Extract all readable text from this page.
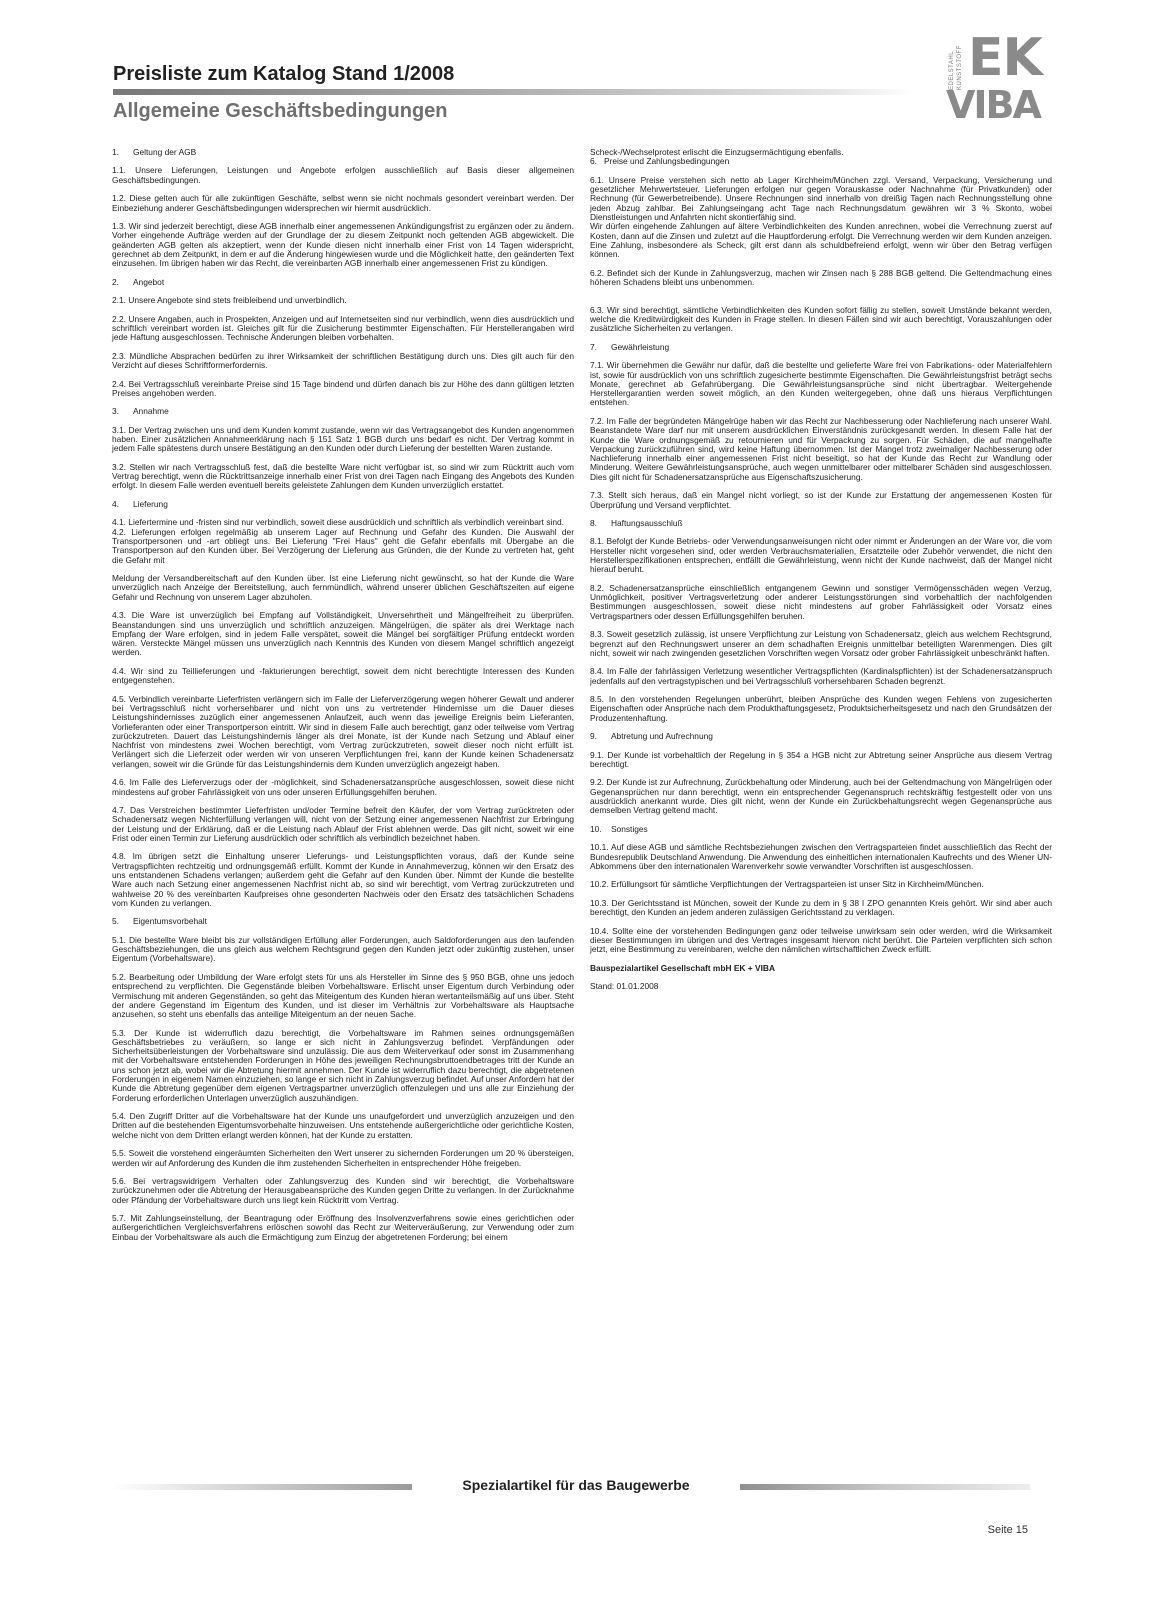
Preisliste zum Katalog Stand 1/2008
Allgemeine Geschäftsbedingungen
EDELSTAHL KUNSTSTOFF EK
VIBA
1.      Geltung der AGB

1.1. Unsere Lieferungen, Leistungen und Angebote erfolgen ausschließlich auf Basis dieser allgemeinen Geschäftsbedingungen.

1.2. Diese gelten auch für alle zukünftigen Geschäfte, selbst wenn sie nicht nochmals gesondert vereinbart werden. Der Einbeziehung anderer Geschäftsbedingungen widersprechen wir hiermit ausdrücklich.

1.3. Wir sind jederzeit berechtigt, diese AGB innerhalb einer angemessenen Ankündigungsfrist zu ergänzen oder zu ändern. Vorher eingehende Aufträge werden auf der Grundlage der zu diesem Zeitpunkt noch geltenden AGB abgewickelt. Die geänderten AGB gelten als akzeptiert, wenn der Kunde diesen nicht innerhalb einer Frist von 14 Tagen widerspricht, gerechnet ab dem Zeitpunkt, in dem er auf die Änderung hingewiesen wurde und die Möglichkeit hatte, den geänderten Text einzusehen. Im übrigen haben wir das Recht, die vereinbarten AGB innerhalb einer angemessenen Frist zu kündigen.

2.      Angebot

2.1. Unsere Angebote sind stets freibleibend und unverbindlich.

2.2. Unsere Angaben, auch in Prospekten, Anzeigen und auf Internetseiten sind nur verbindlich, wenn dies ausdrücklich und schriftlich vereinbart worden ist. Gleiches gilt für die Zusicherung bestimmter Eigenschaften. Für Herstellerangaben wird jede Haftung ausgeschlossen. Technische Änderungen bleiben vorbehalten.

2.3. Mündliche Absprachen bedürfen zu ihrer Wirksamkeit der schriftlichen Bestätigung durch uns. Dies gilt auch für den Verzicht auf dieses Schriftformerfordernis.

2.4. Bei Vertragsschluß vereinbarte Preise sind 15 Tage bindend und dürfen danach bis zur Höhe des dann gültigen letzten Preises angehoben werden.

3.      Annahme

3.1. Der Vertrag zwischen uns und dem Kunden kommt zustande, wenn wir das Vertragsangebot des Kunden angenommen haben. Einer zusätzlichen Annahmeerklärung nach § 151 Satz 1 BGB durch uns bedarf es nicht. Der Vertrag kommt in jedem Falle spätestens durch unsere Bestätigung an den Kunden oder durch Lieferung der bestellten Waren zustande.

3.2. Stellen wir nach Vertragsschluß fest, daß die bestellte Ware nicht verfügbar ist, so sind wir zum Rücktritt auch vom Vertrag berechtigt, wenn die Rücktrittsanzeige innerhalb einer Frist von drei Tagen nach Eingang des Angebots des Kunden erfolgt. In diesem Falle werden eventuell bereits geleistete Zahlungen dem Kunden unverzüglich erstattet.

4.      Lieferung

4.1. Liefertermine und -fristen sind nur verbindlich, soweit diese ausdrücklich und schriftlich als verbindlich vereinbart sind.

4.2. Lieferungen erfolgen regelmäßig ab unserem Lager auf Rechnung und Gefahr des Kunden. Die Auswahl der Transportpersonen und -art obliegt uns. Bei Lieferung "Frei Haus" geht die Gefahr ebenfalls mit Übergabe an die Transportperson auf den Kunden über. Bei Verzögerung der Lieferung aus Gründen, die der Kunde zu vertreten hat, geht die Gefahr mit

Meldung der Versandbereitschaft auf den Kunden über. Ist eine Lieferung nicht gewünscht, so hat der Kunde die Ware unverzüglich nach Anzeige der Bereitstellung, auch fernmündlich, während unserer üblichen Geschäftszeiten auf eigene Gefahr und Rechnung von unserem Lager abzuholen.

4.3. Die Ware ist unverzüglich bei Empfang auf Vollständigkeit, Unversehrtheit und Mängelfreiheit zu überprüfen. Beanstandungen sind uns unverzüglich und schriftlich anzuzeigen. Mängelrügen, die später als drei Werktage nach Empfang der Ware erfolgen, sind in jedem Falle verspätet, soweit die Mängel bei sorgfältiger Prüfung entdeckt worden wären. Versteckte Mängel müssen uns unverzüglich nach Kenntnis des Kunden von diesem Mangel schriftlich angezeigt werden.

4.4. Wir sind zu Teillieferungen und -fakturierungen berechtigt, soweit dem nicht berechtigte Interessen des Kunden entgegenstehen.

4.5. Verbindlich vereinbarte Lieferfristen verlängern sich im Falle der Lieferverzögerung wegen höherer Gewalt und anderer bei Vertragsschluß nicht vorhersehbarer und nicht von uns zu vertretender Hindernisse um die Dauer dieses Leistungshindernisses zuzüglich einer angemessenen Anlaufzeit, auch wenn das jeweilige Ereignis beim Lieferanten, Vorlieferanten oder einer Transportperson eintritt. Wir sind in diesem Falle auch berechtigt, ganz oder teilweise vom Vertrag zurückzutreten. Dauert das Leistungshindernis länger als drei Monate, ist der Kunde nach Setzung und Ablauf einer Nachfrist von mindestens zwei Wochen berechtigt, vom Vertrag zurückzutreten, soweit dieser noch nicht erfüllt ist. Verlängert sich die Lieferzeit oder werden wir von unseren Verpflichtungen frei, kann der Kunde keinen Schadenersatz verlangen, soweit wir die Gründe für das Leistungshindernis dem Kunden unverzüglich angezeigt haben.

4.6. Im Falle des Lieferverzugs oder der -möglichkeit, sind Schadenersatzansprüche ausgeschlossen, soweit diese nicht mindestens auf grober Fahrlässigkeit von uns oder unseren Erfüllungsgehilfen beruhen.

4.7. Das Verstreichen bestimmter Lieferfristen und/oder Termine befreit den Käufer, der vom Vertrag zurücktreten oder Schadenersatz wegen Nichterfüllung verlangen will, nicht von der Setzung einer angemessenen Nachfrist zur Erbringung der Leistung und der Erklärung, daß er die Leistung nach Ablauf der Frist ablehnen werde. Das gilt nicht, soweit wir eine Frist oder einen Termin zur Lieferung ausdrücklich oder schriftlich als verbindlich bezeichnet haben.

4.8. Im übrigen setzt die Einhaltung unserer Lieferungs- und Leistungspflichten voraus, daß der Kunde seine Vertragspflichten rechtzeitig und ordnungsgemäß erfüllt. Kommt der Kunde in Annahmeverzug, können wir den Ersatz des uns entstandenen Schadens verlangen; außerdem geht die Gefahr auf den Kunden über. Nimmt der Kunde die bestellte Ware auch nach Setzung einer angemessenen Nachfrist nicht ab, so sind wir berechtigt, vom Vertrag zurückzutreten und wahlweise 20 % des vereinbarten Kaufpreises ohne gesonderten Nachweis oder den Ersatz des tatsächlichen Schadens vom Kunden zu verlangen.

5.      Eigentumsvorbehalt

5.1. Die bestellte Ware bleibt bis zur vollständigen Erfüllung aller Forderungen, auch Saldoforderungen aus den laufenden Geschäftsbeziehungen, die uns gleich aus welchem Rechtsgrund gegen den Kunden jetzt oder zukünftig zustehen, unser Eigentum (Vorbehaltsware).

5.2. Bearbeitung oder Umbildung der Ware erfolgt stets für uns als Hersteller im Sinne des § 950 BGB, ohne uns jedoch entsprechend zu verpflichten. Die Gegenstände bleiben Vorbehaltsware. Erlischt unser Eigentum durch Verbindung oder Vermischung mit anderen Gegenständen, so geht das Miteigentum des Kunden hieran wertanteilsmäßig auf uns über. Steht der andere Gegenstand im Eigentum des Kunden, und ist dieser im Verhältnis zur Vorbehaltsware als Hauptsache anzusehen, so steht uns ebenfalls das anteilige Miteigentum an der neuen Sache.

5.3. Der Kunde ist widerruflich dazu berechtigt, die Vorbehaltsware im Rahmen seines ordnungsgemäßen Geschäftsbetriebes zu veräußern, so lange er sich nicht in Zahlungsverzug befindet. Verpfändungen oder Sicherheitsüberleistungen der Vorbehaltsware sind unzulässig. Die aus dem Weiterverkauf oder sonst im Zusammenhang mit der Vorbehaltsware entstehenden Forderungen in Höhe des jeweiligen Rechnungsbruttoendbetrages tritt der Kunde an uns schon jetzt ab, wobei wir die Abtretung hiermit annehmen. Der Kunde ist widerruflich dazu berechtigt, die abgetretenen Forderungen in eigenem Namen einzuziehen, so lange er sich nicht in Zahlungsverzug befindet. Auf unser Anfordern hat der Kunde die Abtretung gegenüber dem eigenen Vertragspartner unverzüglich offenzulegen und uns alle zur Einziehung der Forderung erforderlichen Unterlagen unverzüglich auszuhändigen.

5.4. Den Zugriff Dritter auf die Vorbehaltsware hat der Kunde uns unaufgefordert und unverzüglich anzuzeigen und den Dritten auf die bestehenden Eigentumsvorbehalte hinzuweisen. Uns entstehende außergerichtliche oder gerichtliche Kosten, welche nicht von dem Dritten erlangt werden können, hat der Kunde zu erstatten.

5.5. Soweit die vorstehend eingeräumten Sicherheiten den Wert unserer zu sichernden Forderungen um 20 % übersteigen, werden wir auf Anforderung des Kunden die ihm zustehenden Sicherheiten in entsprechender Höhe freigeben.

5.6. Bei vertragswidrigem Verhalten oder Zahlungsverzug des Kunden sind wir berechtigt, die Vorbehaltsware zurückzunehmen oder die Abtretung der Herausgabeansprüche des Kunden gegen Dritte zu verlangen. In der Zurücknahme oder Pfändung der Vorbehaltsware durch uns liegt kein Rücktritt vom Vertrag.

5.7. Mit Zahlungseinstellung, der Beantragung oder Eröffnung des Insolvenzverfahrens sowie eines gerichtlichen oder außergerichtlichen Vergleichsverfahrens erlöschen sowohl das Recht zur Weiterveräußerung, zur Verwendung oder zum Einbau der Vorbehaltsware als auch die Ermächtigung zum Einzug der abgetretenen Forderung; bei einem

Scheck-/Wechselprotest erlischt die Einzugsermächtigung ebenfalls.

6.   Preise und Zahlungsbedingungen

6.1. Unsere Preise verstehen sich netto ab Lager Kirchheim/München zzgl. Versand, Verpackung, Versicherung und gesetzlicher Mehrwertsteuer. Lieferungen erfolgen nur gegen Vorauskasse oder Nachnahme (für Privatkunden) oder Rechnung (für Gewerbetreibende). Unsere Rechnungen sind innerhalb von dreißig Tagen nach Rechnungsstellung ohne jeden Abzug zahlbar. Bei Zahlungseingang acht Tage nach Rechnungsdatum gewähren wir 3 % Skonto, wobei Dienstleistungen und Anfahrten nicht skontierfähig sind.

Wir dürfen eingehende Zahlungen auf ältere Verbindlichkeiten des Kunden anrechnen, wobei die Verrechnung zuerst auf Kosten, dann auf die Zinsen und zuletzt auf die Hauptforderung erfolgt. Die Verrechnung werden wir dem Kunden anzeigen. Eine Zahlung, insbesondere als Scheck, gilt erst dann als schuldbefreiend erfolgt, wenn wir über den Betrag verfügen können.

6.2. Befindet sich der Kunde in Zahlungsverzug, machen wir Zinsen nach § 288 BGB geltend. Die Geltendmachung eines höheren Schadens bleibt uns unbenommen.

6.3. Wir sind berechtigt, sämtliche Verbindlichkeiten des Kunden sofort fällig zu stellen, soweit Umstände bekannt werden, welche die Kreditwürdigkeit des Kunden in Frage stellen. In diesen Fällen sind wir auch berechtigt, Vorauszahlungen oder zusätzliche Sicherheiten zu verlangen.

7.      Gewährleistung

7.1. Wir übernehmen die Gewähr nur dafür, daß die bestellte und gelieferte Ware frei von Fabrikations- oder Materialfehlern ist, sowie für ausdrücklich von uns schriftlich zugesicherte bestimmte Eigenschaften. Die Gewährleistungsfrist beträgt sechs Monate, gerechnet ab Gefahrübergang. Die Gewährleistungsansprüche sind nicht übertragbar. Weitergehende Herstellergarantien werden soweit möglich, an den Kunden weitergegeben, ohne daß uns hieraus Verpflichtungen entstehen.

7.2. Im Falle der begründeten Mängelrüge haben wir das Recht zur Nachbesserung oder Nachlieferung nach unserer Wahl. Beanstandete Ware darf nur mit unserem ausdrücklichen Einverständnis zurückgesandt werden. In diesem Falle hat der Kunde die Ware ordnungsgemäß zu retournieren und für Verpackung zu sorgen. Für Schäden, die auf mangelhafte Verpackung zurückzuführen sind, wird keine Haftung übernommen. Ist der Mangel trotz zweimaliger Nachbesserung oder Nachlieferung innerhalb einer angemessenen Frist nicht beseitigt, so hat der Kunde das Recht zur Wandlung oder Minderung. Weitere Gewährleistungsansprüche, auch wegen unmittelbarer oder mittelbarer Schäden sind ausgeschlossen. Dies gilt nicht für Schadenersatzansprüche aus Eigenschaftszusicherung.

7.3. Stellt sich heraus, daß ein Mangel nicht vorliegt, so ist der Kunde zur Erstattung der angemessenen Kosten für Überprüfung und Versand verpflichtet.

8.      Haftungsausschluß

8.1. Befolgt der Kunde Betriebs- oder Verwendungsanweisungen nicht oder nimmt er Änderungen an der Ware vor, die vom Hersteller nicht vorgesehen sind, oder werden Verbrauchsmaterialien, Ersatzteile oder Zubehör verwendet, die nicht den Herstellerspezifikationen entsprechen, entfällt die Gewährleistung, wenn nicht der Kunde nachweist, daß der Mangel nicht hierauf beruht.

8.2. Schadenersatzansprüche einschließlich entgangenem Gewinn und sonstiger Vermögensschäden wegen Verzug, Unmöglichkeit, positiver Vertragsverletzung oder anderer Leistungsstörungen sind vorbehaltlich der nachfolgenden Bestimmungen ausgeschlossen, soweit diese nicht mindestens auf grober Fahrlässigkeit oder Vorsatz eines Vertragspartners oder dessen Erfüllungsgehilfen beruhen.

8.3. Soweit gesetzlich zulässig, ist unsere Verpflichtung zur Leistung von Schadenersatz, gleich aus welchem Rechtsgrund, begrenzt auf den Rechnungswert unserer an dem schadhaften Ereignis unmittelbar beteiligten Warenmengen. Dies gilt nicht, soweit wir nach zwingenden gesetzlichen Vorschriften wegen Vorsatz oder grober Fahrlässigkeit unbeschränkt haften.

8.4. Im Falle der fahrlässigen Verletzung wesentlicher Vertragspflichten (Kardinalspflichten) ist der Schadenersatzanspruch jedenfalls auf den vertragstypischen und bei Vertragsschluß vorhersehbaren Schaden begrenzt.

8.5. In den vorstehenden Regelungen unberührt, bleiben Ansprüche des Kunden wegen Fehlens von zugesicherten Eigenschaften oder Ansprüche nach dem Produkthaftungsgesetz, Produktsicherheitsgesetz und nach den Grundsätzen der Produzentenhaftung.

9.      Abtretung und Aufrechnung

9.1. Der Kunde ist vorbehaltlich der Regelung in § 354 a HGB nicht zur Abtretung seiner Ansprüche aus diesem Vertrag berechtigt.

9.2. Der Kunde ist zur Aufrechnung, Zurückbehaltung oder Minderung, auch bei der Geltendmachung von Mängelrügen oder Gegenansprüchen nur dann berechtigt, wenn ein entsprechender Gegenanspruch rechtskräftig festgestellt oder von uns ausdrücklich anerkannt wurde. Dies gilt nicht, wenn der Kunde ein Zurückbehaltungsrecht wegen Gegenansprüche aus demselben Vertrag geltend macht.

10.    Sonstiges

10.1. Auf diese AGB und sämtliche Rechtsbeziehungen zwischen den Vertragsparteien findet ausschließlich das Recht der Bundesrepublik Deutschland Anwendung. Die Anwendung des einheitlichen internationalen Kaufrechts und des Wiener UN-Abkommens über den internationalen Warenverkehr sowie verwandter Vorschriften ist ausgeschlossen.

10.2. Erfüllungsort für sämtliche Verpflichtungen der Vertragsparteien ist unser Sitz in Kirchheim/München.

10.3. Der Gerichtsstand ist München, soweit der Kunde zu dem in § 38 I ZPO genannten Kreis gehört. Wir sind aber auch berechtigt, den Kunden an jedem anderen zulässigen Gerichtsstand zu verklagen.

10.4. Sollte eine der vorstehenden Bedingungen ganz oder teilweise unwirksam sein oder werden, wird die Wirksamkeit dieser Bestimmungen im übrigen und des Vertrages insgesamt hiervon nicht berührt. Die Parteien verpflichten sich schon jetzt, eine Bestimmung zu vereinbaren, welche den nämlichen wirtschaftlichen Zweck erfüllt.

Bauspezialartikel Gesellschaft mbH EK + VIBA

Stand: 01.01.2008

Spezialartikel für das Baugewerbe
Seite 15
